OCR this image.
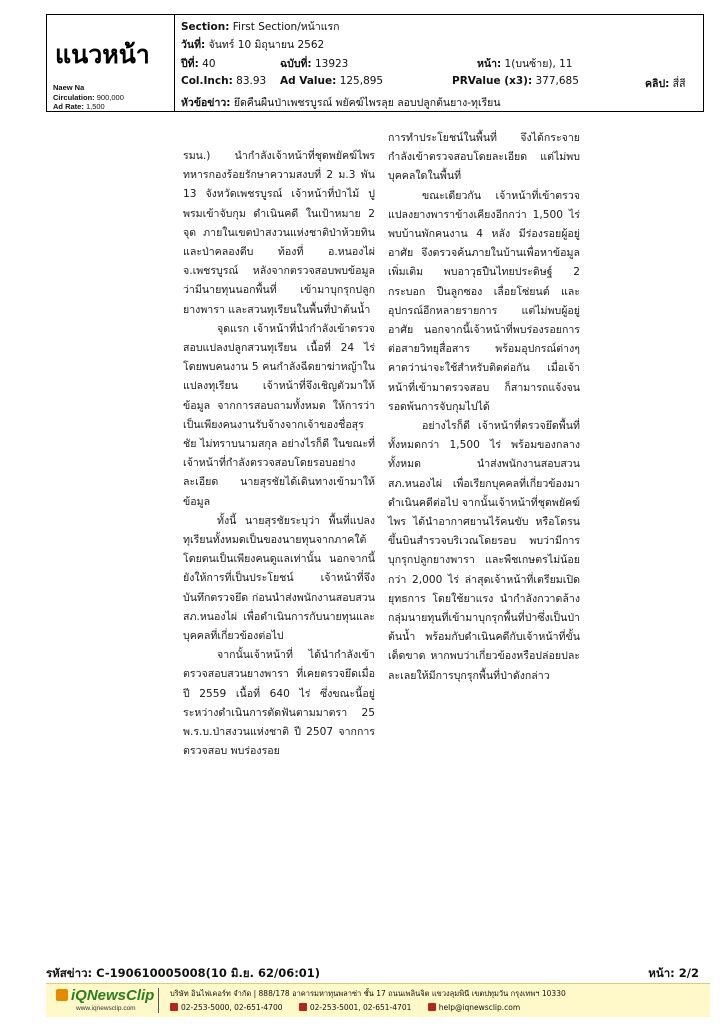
แนวหน้า
Naew Na
Circulation: 900,000
Ad Rate: 1,500
Section: First Section/หน้าแรก
วันที่: จันทร์ 10 มิถุนายน 2562
ปีที่: 40	ฉบับที่: 13923	หน้า: 1(บนซ้าย), 11
Col.Inch: 83.93 Ad Value: 125,895	PRValue (x3): 377,685	คลิป: สี่สี
หัวข้อข่าว: ยึดคืนผืนป่าเพชรบูรณ์ พยัคฆ์ไพรลุย ลอบปลูกต้นยาง-ทุเรียน

รมน.) นำกำลังเจ้าหน้าที่ชุดพยัคฆ์ไพร ทหารกองร้อยรักษาความสงบที่ 2 ม.3 พัน 13 จังหวัดเพชรบูรณ์ เจ้าหน้าที่ป่าไม้ ปูพรมเข้าจับกุม ดำเนินคดี ในเป้าหมาย 2 จุด ภายในเขตป่าสงวนแห่งชาติป่าห้วยทินและป่าคลองตีบ ท้องที่ อ.หนองไผ่ จ.เพชรบูรณ์ หลังจากตรวจสอบพบข้อมูลว่ามีนายทุนนอกพื้นที่ เข้ามาบุกรุกปลูกยางพารา และสวนทุเรียนในพื้นที่ป่าต้นน้ำ

จุดแรก เจ้าหน้าที่นำกำลังเข้าตรวจสอบแปลงปลูกสวนทุเรียน เนื้อที่ 24 ไร่ โดยพบคนงาน 5 คนกำลังฉีดยาฆ่าหญ้าในแปลงทุเรียน เจ้าหน้าที่จึงเชิญตัวมาให้ข้อมูล จากการสอบถามทั้งหมด ให้การว่า เป็นเพียงคนงานรับจ้างจากเจ้าของชื่อสุรชัย ไม่ทราบนามสกุล อย่างไรก็ดี ในขณะที่เจ้าหน้าที่กำลังตรวจสอบโดยรอบอย่างละเอียด นายสุรชัยได้เดินทางเข้ามาให้ข้อมูล

ทั้งนี้ นายสุรชัยระบุว่า พื้นที่แปลงทุเรียนทั้งหมดเป็นของนายทุนจากภาคใต้ โดยตนเป็นเพียงคนดูแลเท่านั้น นอกจากนี้ยังให้การที่เป็นประโยชน์ เจ้าหน้าที่จึงบันทึกตรวจยึด ก่อนนำส่งพนักงานสอบสวน สภ.หนองไผ่ เพื่อดำเนินการกับนายทุนและบุคคลที่เกี่ยวข้องต่อไป

จากนั้นเจ้าหน้าที่ ได้นำกำลังเข้าตรวจสอบสวนยางพารา ที่เคยตรวจยึดเมื่อปี 2559 เนื้อที่ 640 ไร่ ซึ่งขณะนี้อยู่ระหว่างดำเนินการตัดฟันตามมาตรา 25 พ.ร.บ.ป่าสงวนแห่งชาติ ปี 2507 จากการตรวจสอบ พบร่องรอย

การทำประโยชน์ในพื้นที่ จึงได้กระจายกำลังเข้าตรวจสอบโดยละเอียด แต่ไม่พบบุคคลใดในพื้นที่

ขณะเดียวกัน เจ้าหน้าที่เข้าตรวจแปลงยางพาราข้างเคียงอีกกว่า 1,500 ไร่ พบบ้านพักคนงาน 4 หลัง มีร่องรอยผู้อยู่อาศัย จึงตรวจค้นภายในบ้านเพื่อหาข้อมูลเพิ่มเติม พบอาวุธปืนไทยประดิษฐ์ 2 กระบอก ปืนลูกซอง เลื่อยโซ่ยนต์ และอุปกรณ์อีกหลายรายการ แต่ไม่พบผู้อยู่อาศัย นอกจากนี้เจ้าหน้าที่พบร่องรอยการต่อสายวิทยุสื่อสาร พร้อมอุปกรณ์ต่างๆ คาดว่าน่าจะใช้สำหรับติดต่อกัน เมื่อเจ้าหน้าที่เข้ามาตรวจสอบ ก็สามารถแจ้งจนรอดพ้นการจับกุมไปได้

อย่างไรก็ดี เจ้าหน้าที่ตรวจยึดพื้นที่ทั้งหมดกว่า 1,500 ไร่ พร้อมของกลางทั้งหมด นำส่งพนักงานสอบสวนสภ.หนองไผ่ เพื่อเรียกบุคคลที่เกี่ยวข้องมาดำเนินคดีต่อไป จากนั้นเจ้าหน้าที่ชุดพยัคฆ์ไพร ได้นำอากาศยานไร้คนขับ หรือโดรน ขึ้นบินสำรวจบริเวณโดยรอบ พบว่ามีการบุกรุกปลูกยางพารา และพืชเกษตรไม่น้อยกว่า 2,000 ไร่ ล่าสุดเจ้าหน้าที่เตรียมเปิดยุทธการ โดยใช้ยาแรง นำกำลังกวาดล้างกลุ่มนายทุนที่เข้ามาบุกรุกพื้นที่ป่าซึ่งเป็นป่าต้นน้ำ พร้อมกับดำเนินคดีกับเจ้าหน้าที่ขั้นเด็ดขาด หากพบว่าเกี่ยวข้องหรือปล่อยปละละเลยให้มีการบุกรุกพื้นที่ป่าดังกล่าว

รหัสข่าว: C-190610005008(10 มิ.ย. 62/06:01)	หน้า: 2/2
iQNewsClip
www.iqnewsclip.com
บริษัท อินไฟเคอร์ท จำกัด | 888/178 อาคารมหาทุนพลาซ่า ชั้น 17 ถนนเพลินจิต แขวงลุมพินี เขตปทุมวัน กรุงเทพฯ 10330
02-253-5000, 02-651-4700	02-253-5001, 02-651-4701	help@iqnewsclip.com
